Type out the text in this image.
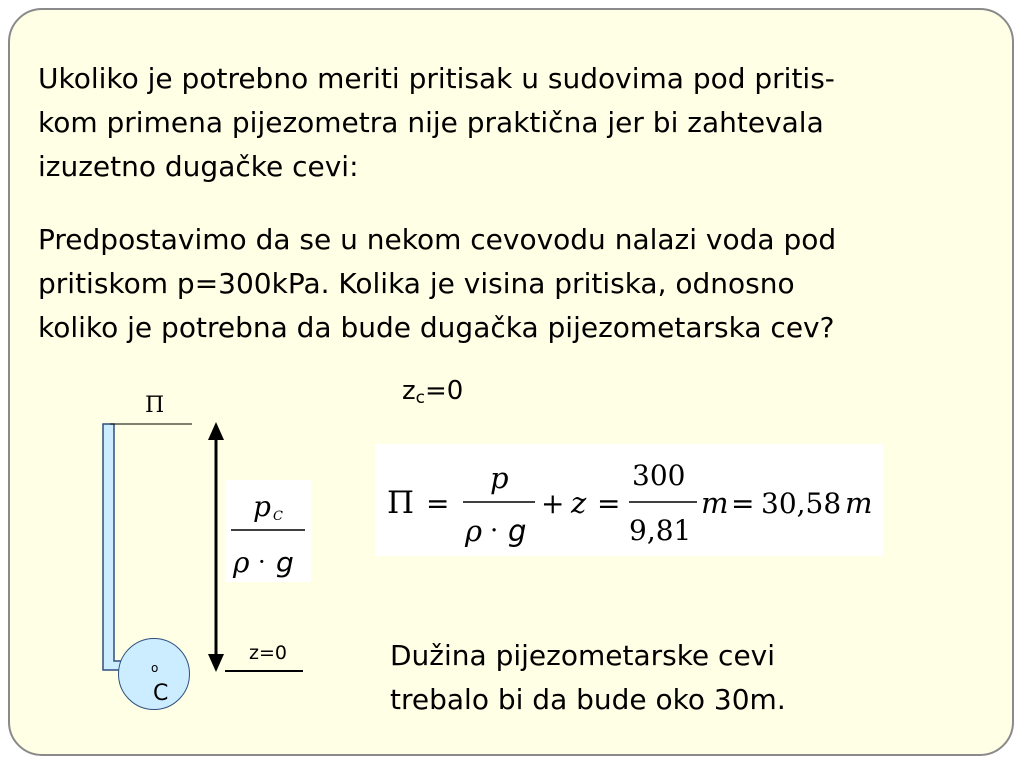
Ukoliko je potrebno meriti pritisak u sudovima pod pritis-
kom primena pijezometra nije praktična jer bi zahtevala
izuzetno dugačke cevi:

Predpostavimo da se u nekom cevovodu nalazi voda pod
pritiskom p=300kPa. Kolika je visina pritiska, odnosno
koliko je potrebna da bude dugačka pijezometarska cev?

$z_c=0$
Π =
p
ρ · g
+ z =
300
9,81
m = 30,58 m

Dužina pijezometarske cevi
trebalo bi da bude oko 30m.

Π
p C
ρ · g
z=0
o
C
